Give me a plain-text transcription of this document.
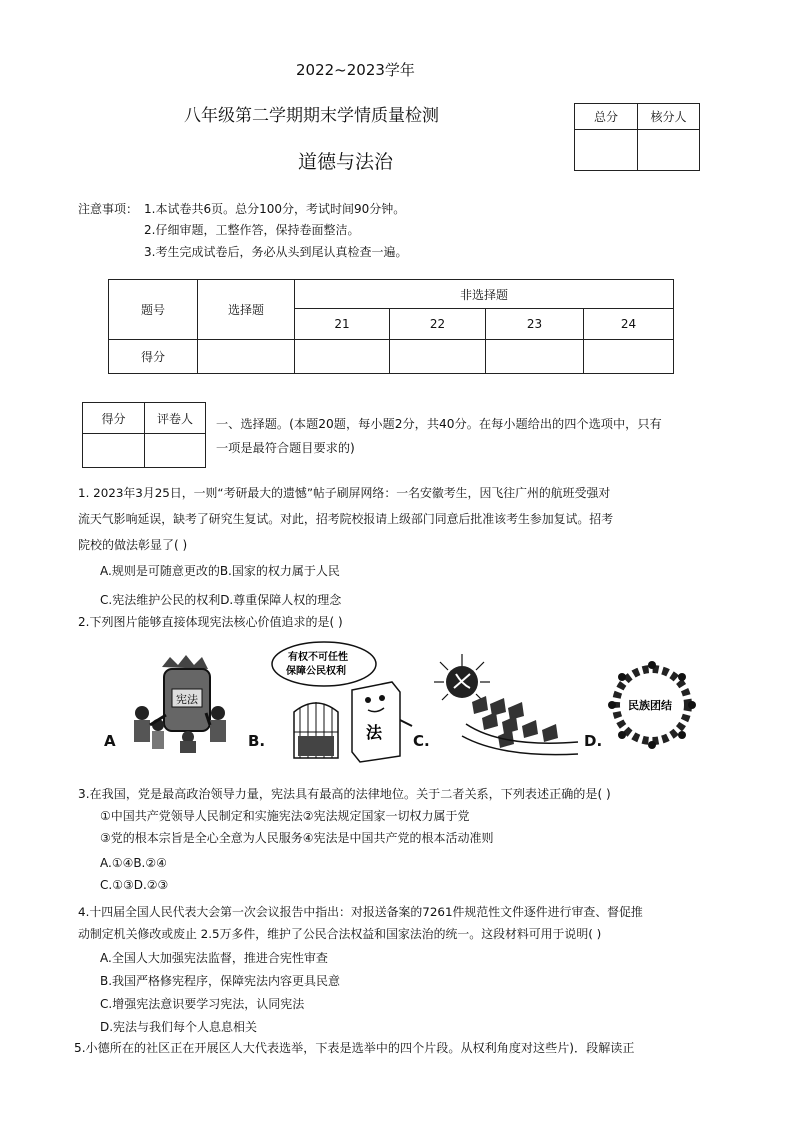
2022~2023学年
八年级第二学期期末学情质量检测
道德与法治
总分	核分人

注意事项： 1.本试卷共6页。总分100分，考试时间90分钟。
2.仔细审题，工整作答，保持卷面整洁。
3.考生完成试卷后，务必从头到尾认真检查一遍。
题号	选择题	非选择题			
		21	22	23	24
得分					
得分	评卷人
	一、选择题。(本题20题，每小题2分，共40分。在每小题给出的四个选项中，只有
一项是最符合题目要求的)
1. 2023年3月25日，一则“考研最大的遗憾”帖子刷屏网络：一名安徽考生，因飞往广州的航班受强对
流天气影响延误，缺考了研究生复试。对此，招考院校报请上级部门同意后批准该考生参加复试。招考
院校的做法彰显了( )
A.规则是可随意更改的B.国家的权力属于人民
C.宪法维护公民的权利D.尊重保障人权的理念
2.下列图片能够直接体现宪法核心价值追求的是( )
A
宪法
B.
有权不可任性
保障公民权利
法 C.	D.
民族团结
3.在我国，党是最高政治领导力量，宪法具有最高的法律地位。关于二者关系，下列表述正确的是( )
①中国共产党领导人民制定和实施宪法②宪法规定国家一切权力属于党
③党的根本宗旨是全心全意为人民服务④宪法是中国共产党的根本活动准则
A.①④B.②④
C.①③D.②③
4.十四届全国人民代表大会第一次会议报告中指出：对报送备案的7261件规范性文件逐件进行审查、督促推
动制定机关修改或废止 2.5万多件，维护了公民合法权益和国家法治的统一。这段材料可用于说明( )
A.全国人大加强宪法监督，推进合宪性审查
B.我国严格修宪程序，保障宪法内容更具民意
C.增强宪法意识要学习宪法，认同宪法
D.宪法与我们每个人息息相关
5.小德所在的社区正在开展区人大代表选举，下表是选举中的四个片段。从权利角度对这些片)．段解读正
